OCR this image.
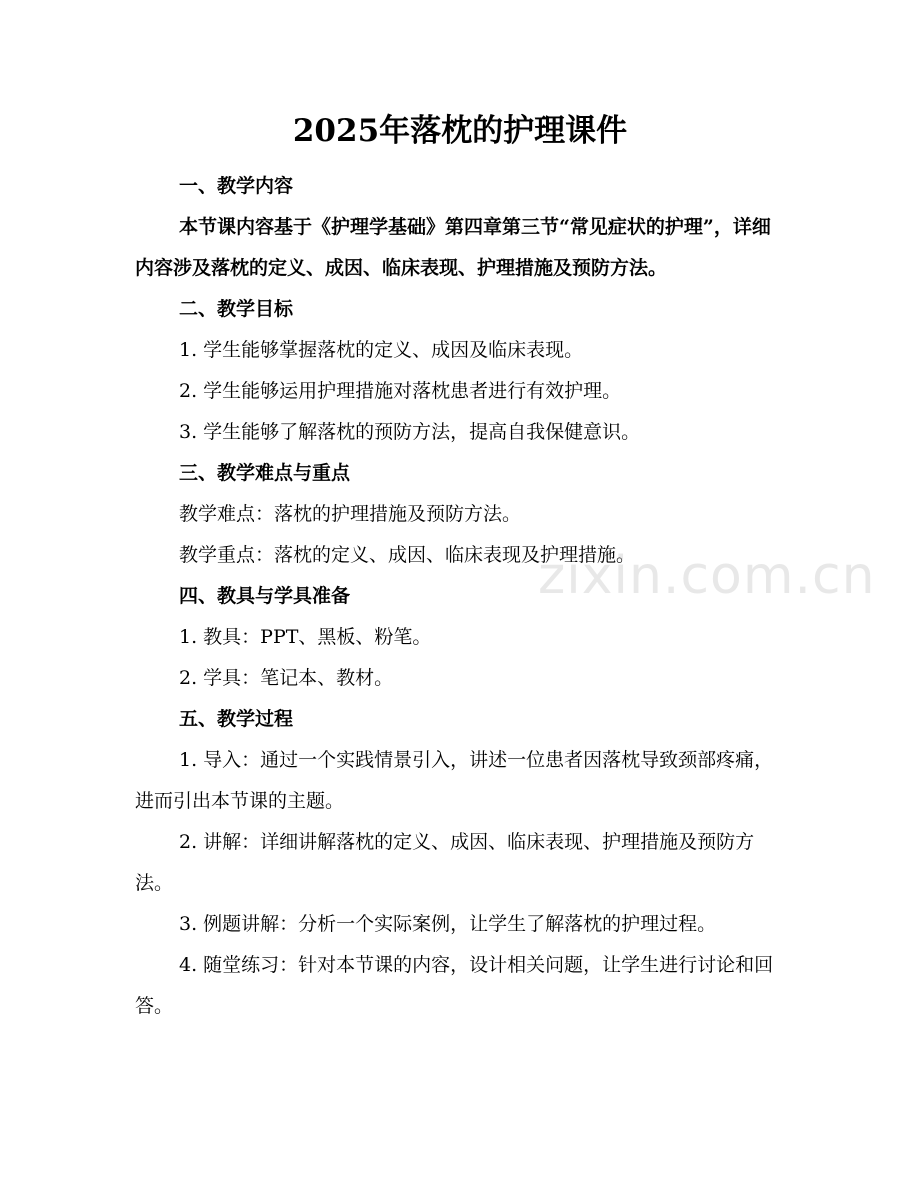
2025年落枕的护理课件

一、教学内容

本节课内容基于《护理学基础》第四章第三节“常见症状的护理”，详细内容涉及落枕的定义、成因、临床表现、护理措施及预防方法。

二、教学目标

1. 学生能够掌握落枕的定义、成因及临床表现。

2. 学生能够运用护理措施对落枕患者进行有效护理。

3. 学生能够了解落枕的预防方法，提高自我保健意识。

三、教学难点与重点

教学难点：落枕的护理措施及预防方法。

教学重点：落枕的定义、成因、临床表现及护理措施。

四、教具与学具准备

1. 教具：PPT、黑板、粉笔。

2. 学具：笔记本、教材。

五、教学过程

1. 导入：通过一个实践情景引入，讲述一位患者因落枕导致颈部疼痛，进而引出本节课的主题。

2. 讲解：详细讲解落枕的定义、成因、临床表现、护理措施及预防方法。

3. 例题讲解：分析一个实际案例，让学生了解落枕的护理过程。

4. 随堂练习：针对本节课的内容，设计相关问题，让学生进行讨论和回答。

zixin.com.cn
